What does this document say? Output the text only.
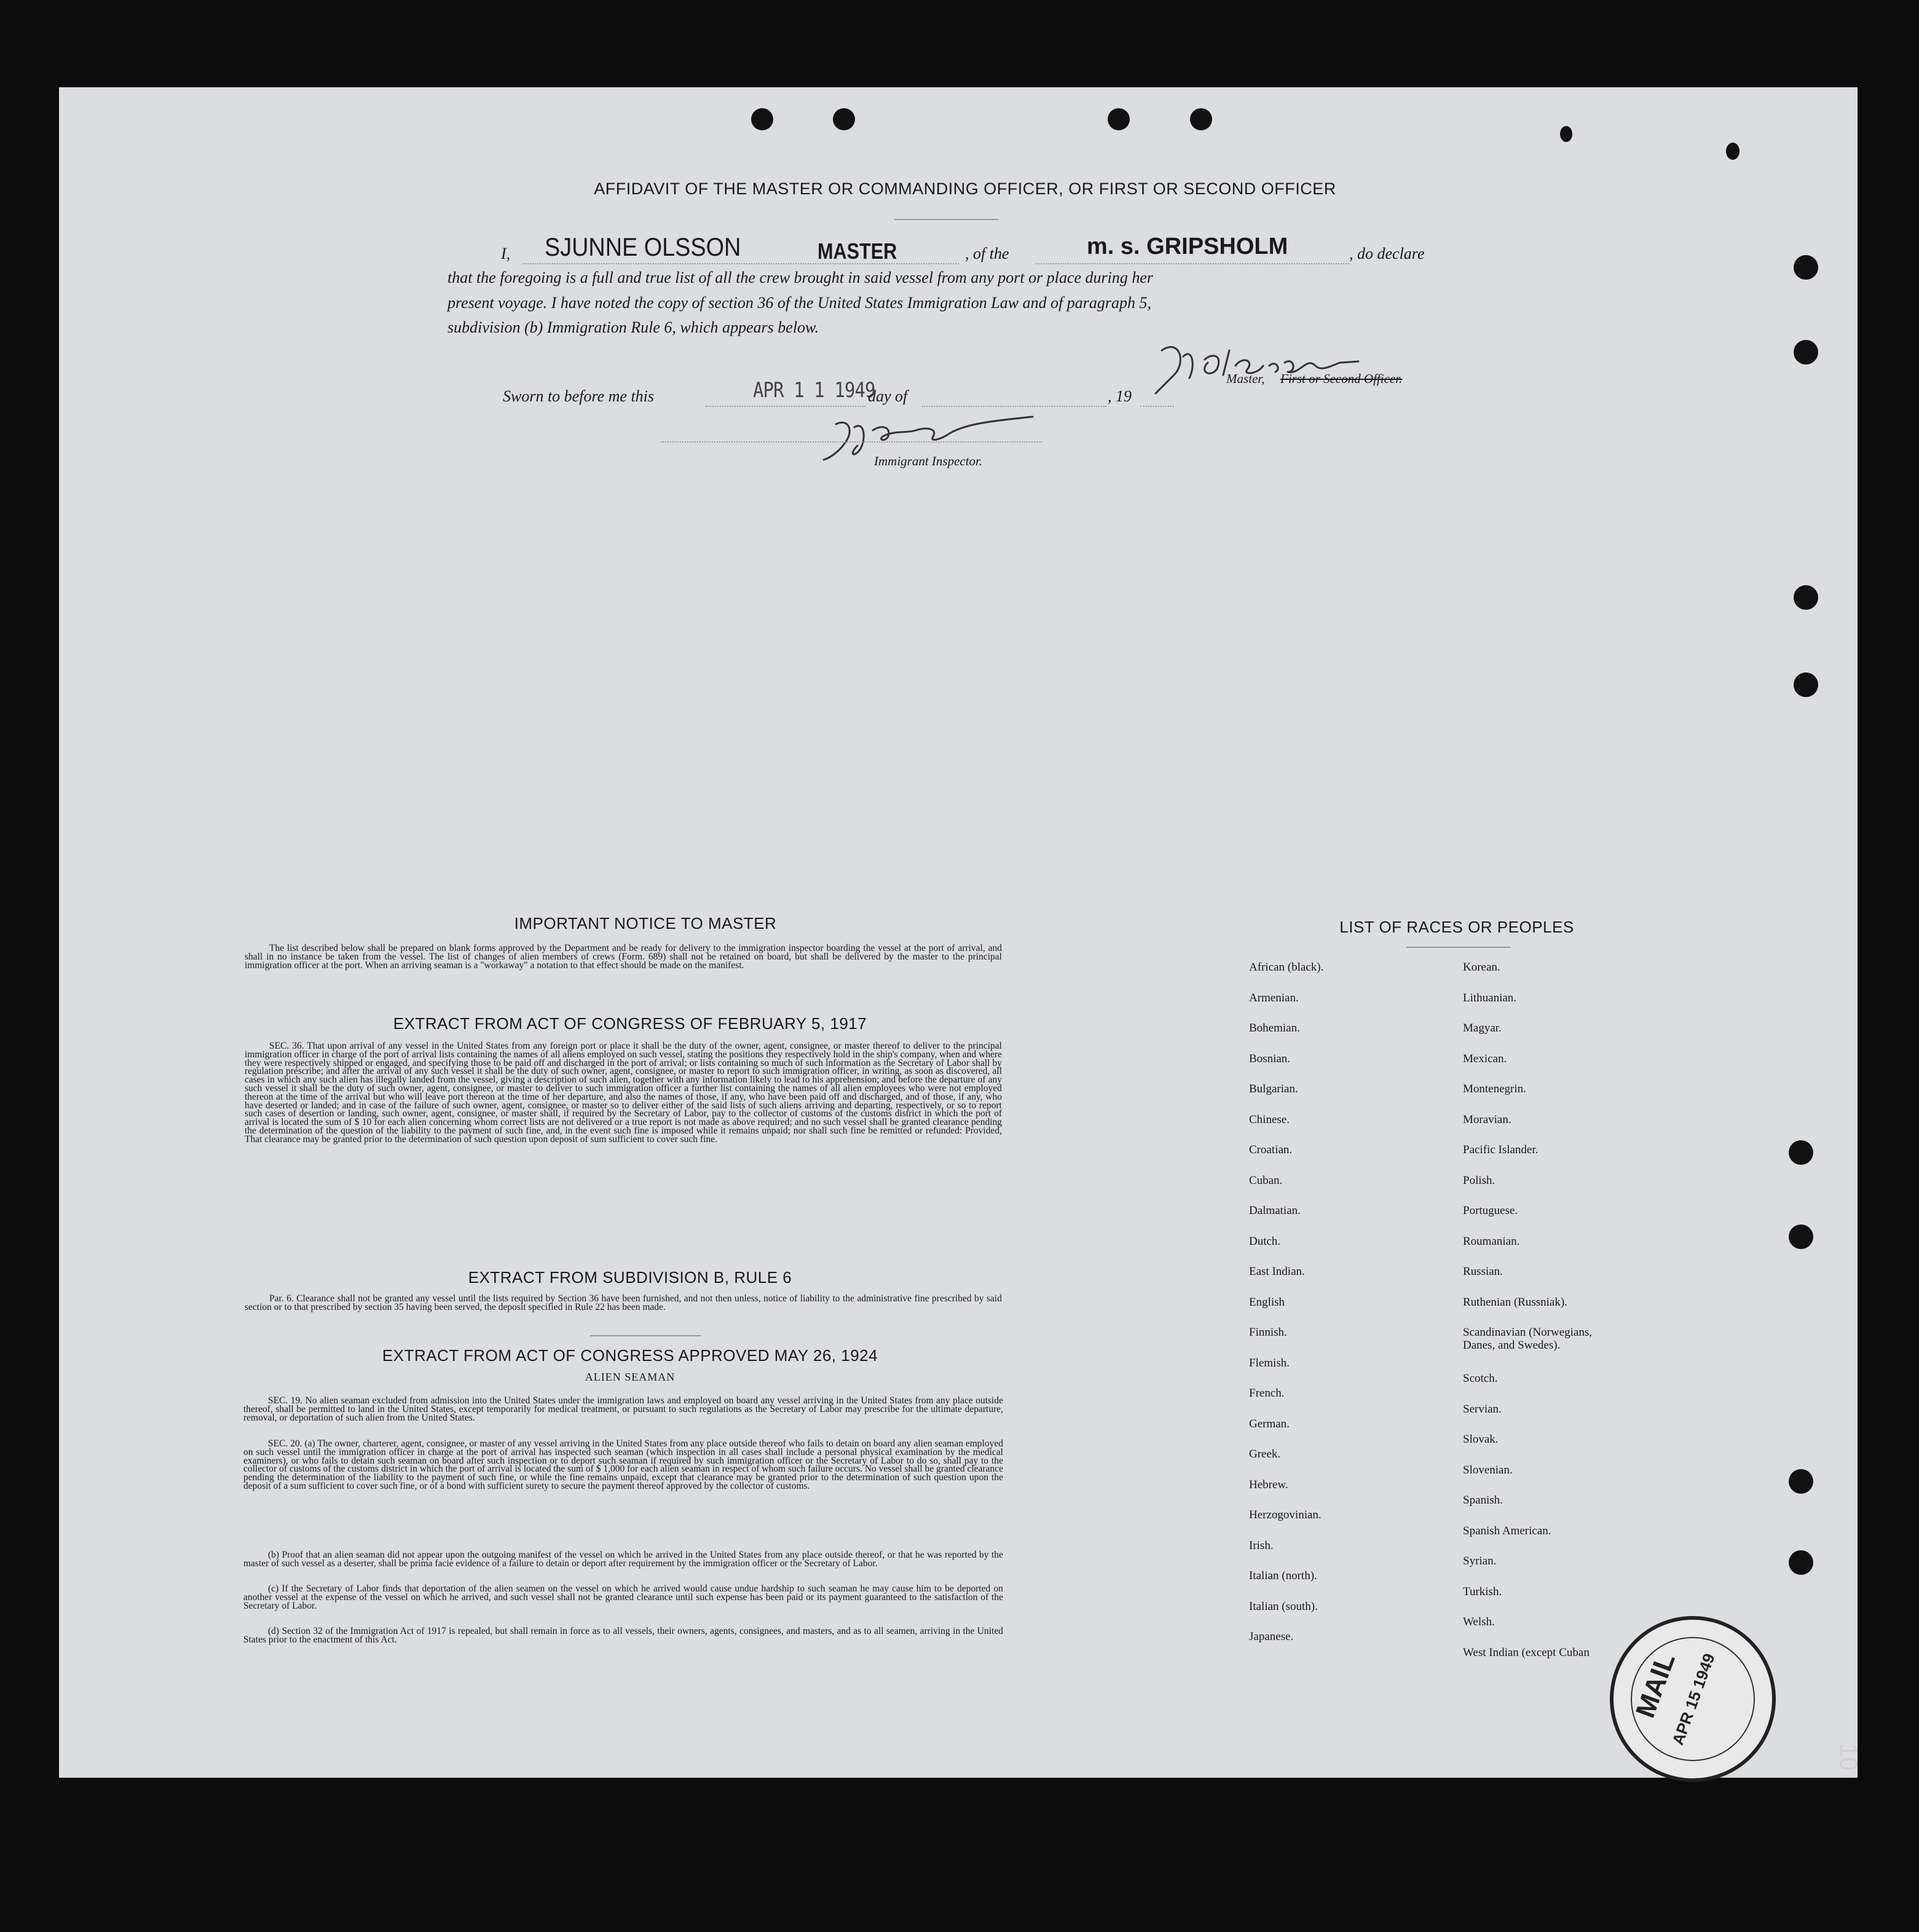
AFFIDAVIT OF THE MASTER OR COMMANDING OFFICER, OR FIRST OR SECOND OFFICER
I, SJUNNE OLSSON	MASTER	, of the	m. s. GRIPSHOLM	, do declare
that the foregoing is a full and true list of all the crew brought in said vessel from any port or place during her
present voyage. I have noted the copy of section 36 of the United States Immigration Law and of paragraph 5,
subdivision (b) Immigration Rule 6, which appears below.
Master, First or Second Officer.
Sworn to before me this	APR 1 1 1949
day of	, 19
Immigrant Inspector.
IMPORTANT NOTICE TO MASTER
The list described below shall be prepared on blank forms approved by the Department and be ready for delivery to the immigration inspector boarding the vessel at the port of arrival, and shall in no instance be taken from the vessel. The list of changes of alien members of crews (Form. 689) shall not be retained on board, but shall be delivered by the master to the principal immigration officer at the port. When an arriving seaman is a "workaway" a notation to that effect should be made on the manifest.
EXTRACT FROM ACT OF CONGRESS OF FEBRUARY 5, 1917
SEC. 36. That upon arrival of any vessel in the United States from any foreign port or place it shall be the duty of the owner, agent, consignee, or master thereof to deliver to the principal immigration officer in charge of the port of arrival lists containing the names of all aliens employed on such vessel, stating the positions they respectively hold in the ship's company, when and where they were respectively shipped or engaged, and specifying those to be paid off and discharged in the port of arrival; or lists containing so much of such information as the Secretary of Labor shall by regulation prescribe; and after the arrival of any such vessel it shall be the duty of such owner, agent, consignee, or master to report to such immigration officer, in writing, as soon as discovered, all cases in which any such alien has illegally landed from the vessel, giving a description of such alien, together with any information likely to lead to his apprehension; and before the departure of any such vessel it shall be the duty of such owner, agent, consignee, or master to deliver to such immigration officer a further list containing the names of all alien employees who were not employed thereon at the time of the arrival but who will leave port thereon at the time of her departure, and also the names of those, if any, who have been paid off and discharged, and of those, if any, who have deserted or landed; and in case of the failure of such owner, agent, consignee, or master so to deliver either of the said lists of such aliens arriving and departing, respectively, or so to report such cases of desertion or landing, such owner, agent, consignee, or master shall, if required by the Secretary of Labor, pay to the collector of customs of the customs district in which the port of arrival is located the sum of $ 10 for each alien concerning whom correct lists are not delivered or a true report is not made as above required; and no such vessel shall be granted clearance pending the determination of the question of the liability to the payment of such fine, and, in the event such fine is imposed while it remains unpaid; nor shall such fine be remitted or refunded: Provided, That clearance may be granted prior to the determination of such question upon deposit of sum sufficient to cover such fine.
EXTRACT FROM SUBDIVISION B, RULE 6
Par. 6. Clearance shall not be granted any vessel until the lists required by Section 36 have been furnished, and not then unless, notice of liability to the administrative fine prescribed by said section or to that prescribed by section 35 having been served, the deposit specified in Rule 22 has been made.
EXTRACT FROM ACT OF CONGRESS APPROVED MAY 26, 1924
ALIEN SEAMAN
SEC. 19. No alien seaman excluded from admission into the United States under the immigration laws and employed on board any vessel arriving in the United States from any place outside thereof, shall be permitted to land in the United States, except temporarily for medical treatment, or pursuant to such regulations as the Secretary of Labor may prescribe for the ultimate departure, removal, or deportation of such alien from the United States.
SEC. 20. (a) The owner, charterer, agent, consignee, or master of any vessel arriving in the United States from any place outside thereof who fails to detain on board any alien seaman employed on such vessel until the immigration officer in charge at the port of arrival has inspected such seaman (which inspection in all cases shall include a personal physical examination by the medical examiners), or who fails to detain such seaman on board after such inspection or to deport such seaman if required by such immigration officer or the Secretary of Labor to do so, shall pay to the collector of customs of the customs district in which the port of arrival is located the sum of $ 1,000 for each alien seaman in respect of whom such failure occurs. No vessel shall be granted clearance pending the determination of the liability to the payment of such fine, or while the fine remains unpaid, except that clearance may be granted prior to the determination of such question upon the deposit of a sum sufficient to cover such fine, or of a bond with sufficient surety to secure the payment thereof approved by the collector of customs.
(b) Proof that an alien seaman did not appear upon the outgoing manifest of the vessel on which he arrived in the United States from any place outside thereof, or that he was reported by the master of such vessel as a deserter, shall be prima facie evidence of a failure to detain or deport after requirement by the immigration officer or the Secretary of Labor.
(c) If the Secretary of Labor finds that deportation of the alien seamen on the vessel on which he arrived would cause undue hardship to such seaman he may cause him to be deported on another vessel at the expense of the vessel on which he arrived, and such vessel shall not be granted clearance until such expense has been paid or its payment guaranteed to the satisfaction of the Secretary of Labor.
(d) Section 32 of the Immigration Act of 1917 is repealed, but shall remain in force as to all vessels, their owners, agents, consignees, and masters, and as to all seamen, arriving in the United States prior to the enactment of this Act.
LIST OF RACES OR PEOPLES
African (black).
Armenian.
Bohemian.
Bosnian.
Bulgarian.
Chinese.
Croatian.
Cuban.
Dalmatian.
Dutch.
East Indian.
English
Finnish.
Flemish.
French.
German.
Greek.
Hebrew.
Herzogovinian.
Irish.
Italian (north).
Italian (south).
Japanese.
Korean.
Lithuanian.
Magyar.
Mexican.
Montenegrin.
Moravian.
Pacific Islander.
Polish.
Portuguese.
Roumanian.
Russian.
Ruthenian (Russniak).
Scandinavian (Norwegians,
Danes, and Swedes).
Scotch.
Servian.
Slovak.
Slovenian.
Spanish.
Spanish American.
Syrian.
Turkish.
Welsh.
West Indian (except Cuban MAIL
APR 15 1949
10
